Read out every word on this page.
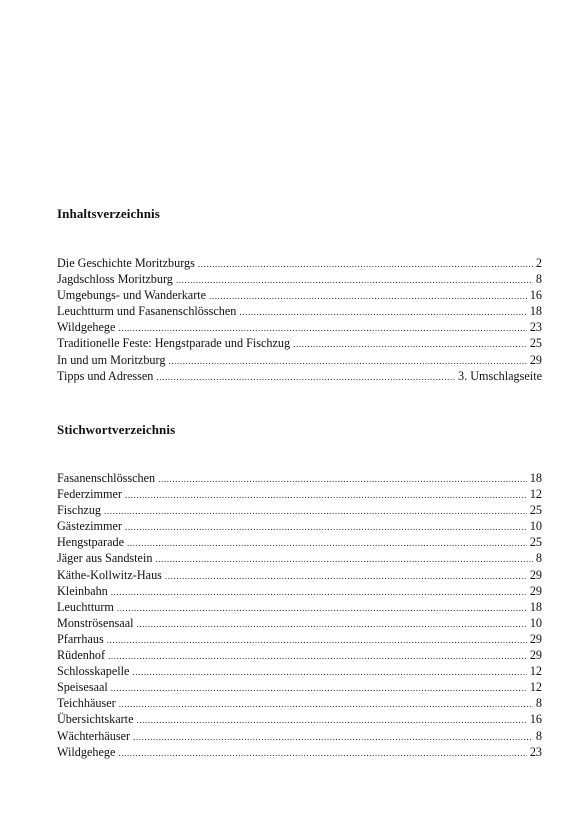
Inhaltsverzeichnis
Die Geschichte Moritzburgs .....	2
Jagdschloss Moritzburg .....	8
Umgebungs- und Wanderkarte .....	16
Leuchtturm und Fasanenschlösschen .....	18
Wildgehege .....	23
Traditionelle Feste: Hengstparade und Fischzug .....	25
In und um Moritzburg .....	29
Tipps und Adressen .....	3. Umschlagseite
Stichwortverzeichnis
Fasanenschlösschen .....	18
Federzimmer .....	12
Fischzug .....	25
Gästezimmer .....	10
Hengstparade .....	25
Jäger aus Sandstein .....	8
Käthe-Kollwitz-Haus .....	29
Kleinbahn .....	29
Leuchtturm .....	18
Monströsensaal .....	10
Pfarrhaus .....	29
Rüdenhof .....	29
Schlosskapelle .....	12
Speisesaal .....	12
Teichhäuser .....	8
Übersichtskarte .....	16
Wächterhäuser .....	8
Wildgehege .....	23
